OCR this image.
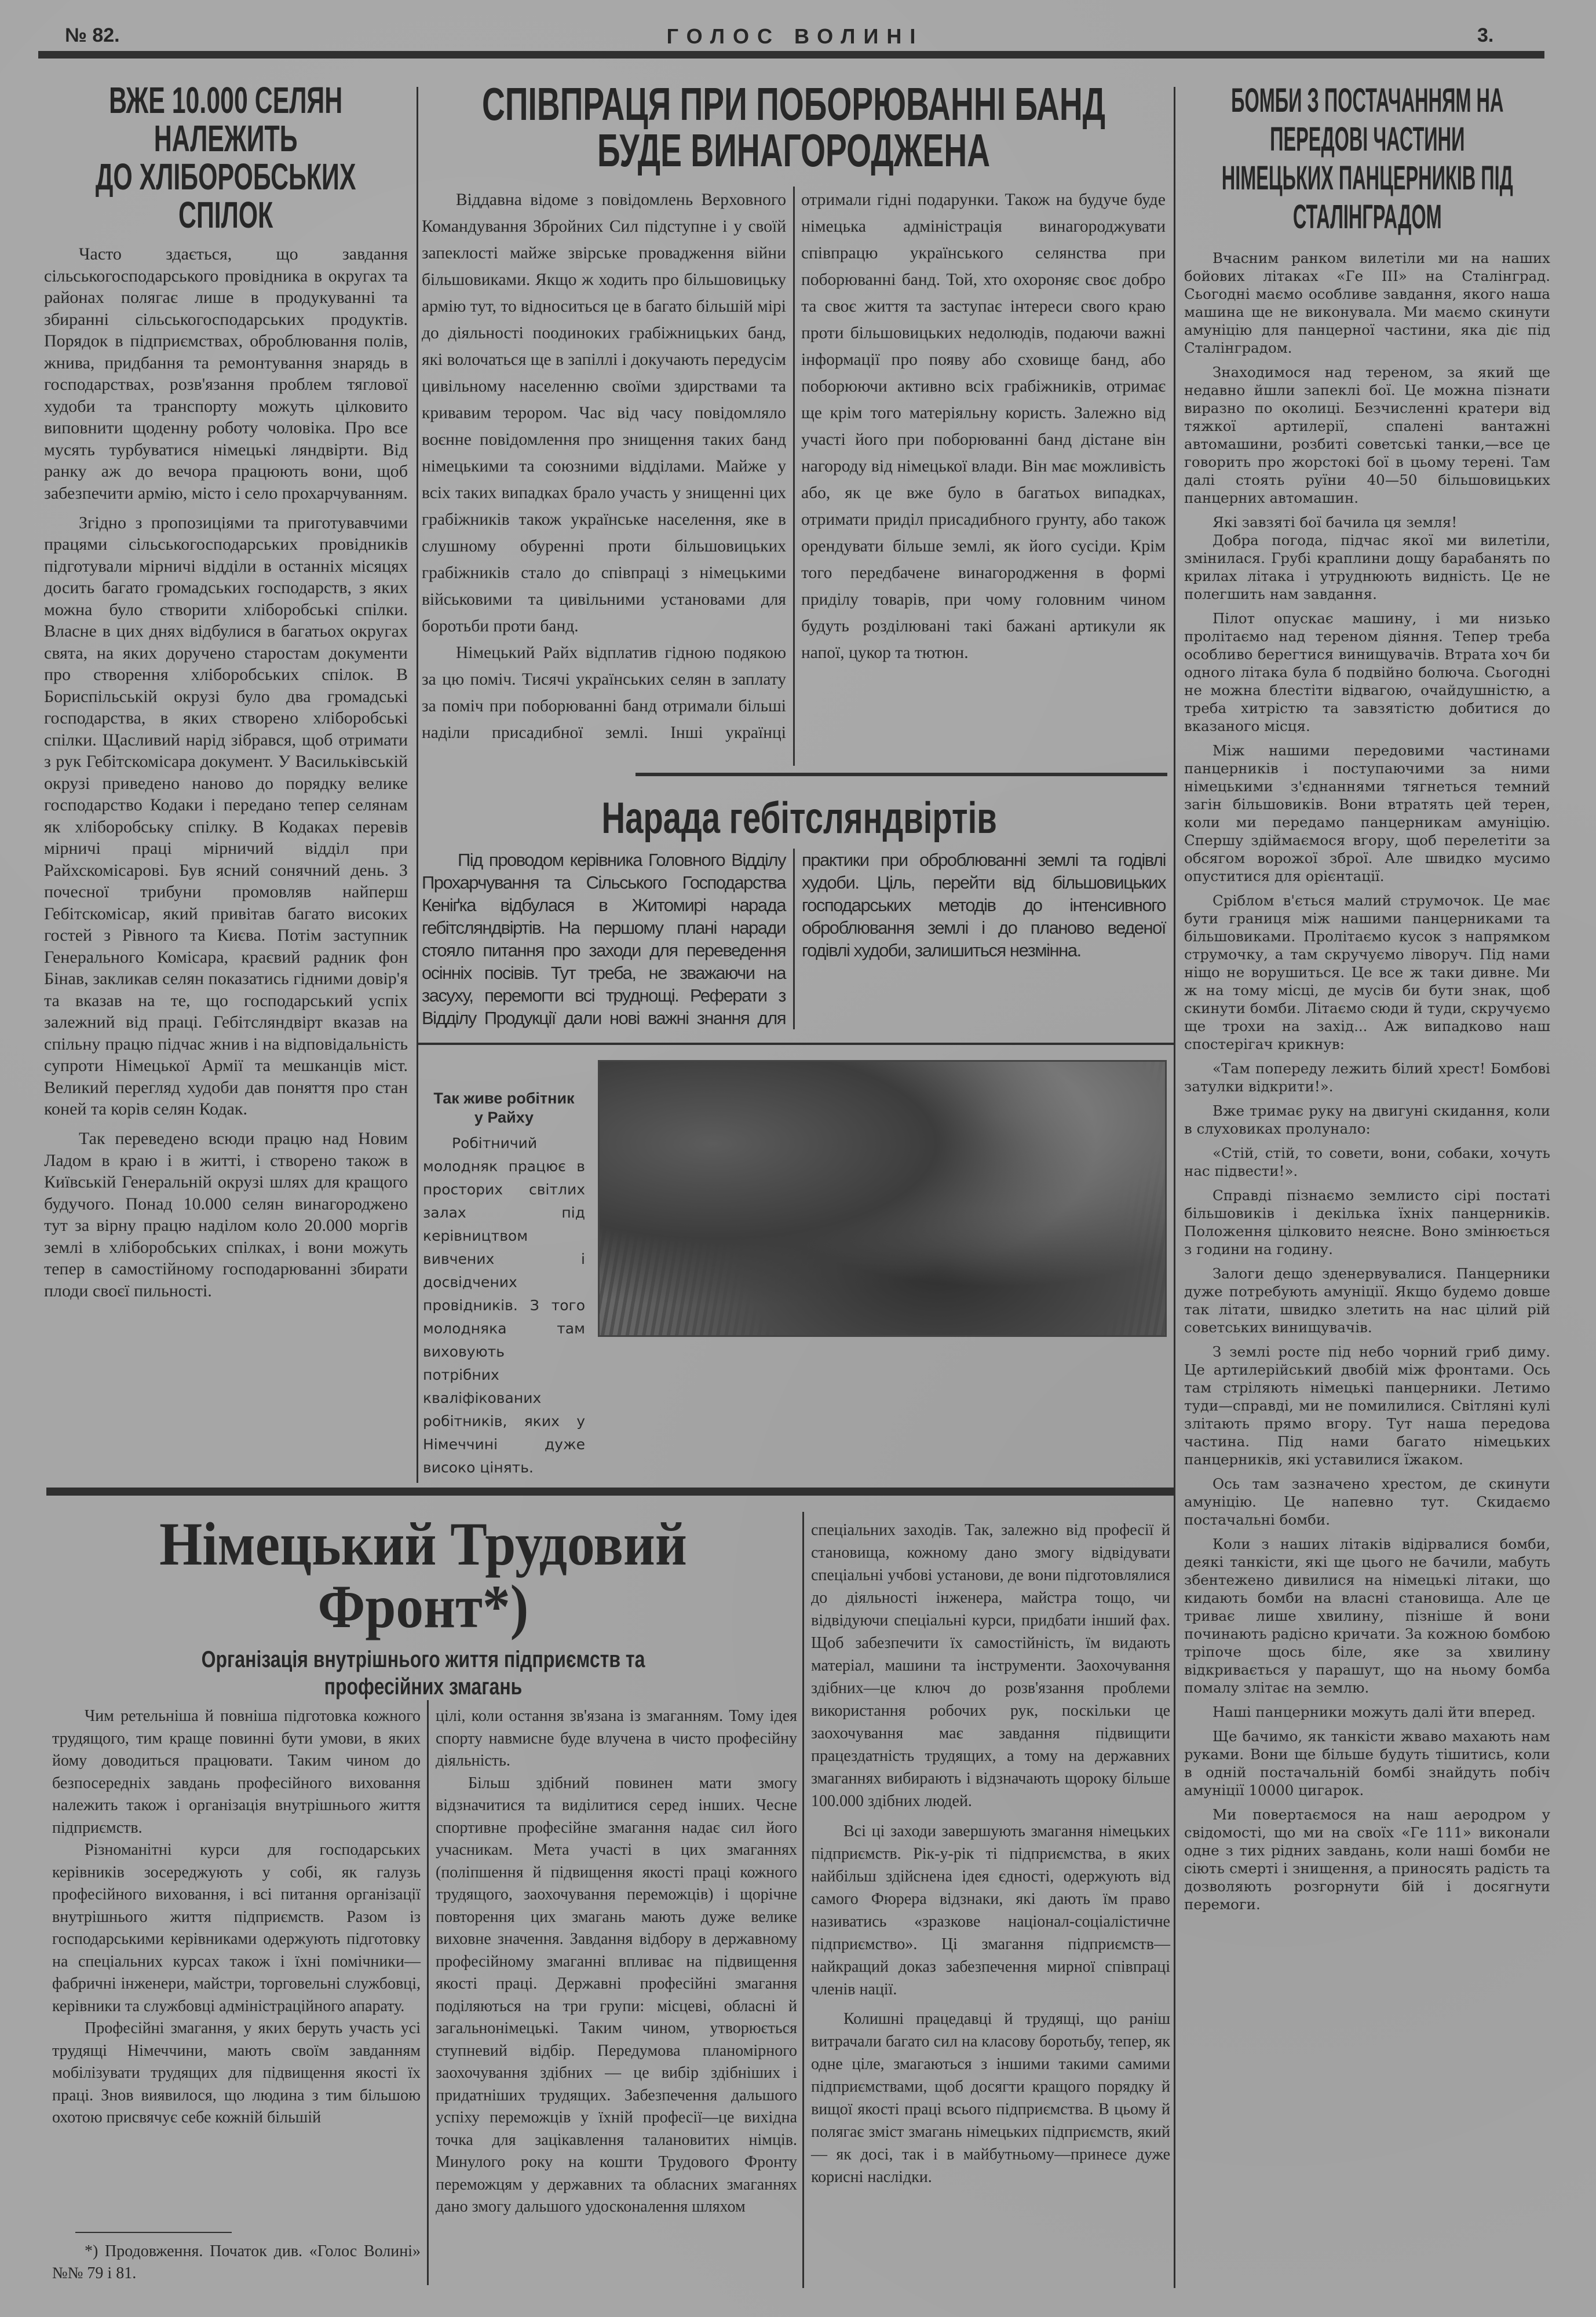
№ 82.	ГОЛОС ВОЛИНІ	3.
ВЖЕ 10.000 СЕЛЯН
НАЛЕЖИТЬ
ДО ХЛІБОРОБСЬКИХ
СПІЛОК

Часто здається, що завдання сільськогосподарського провідника в округах та районах полягає лише в продукуванні та збиранні сільськогосподарських продуктів. Порядок в підприємствах, оброблювання полів, жнива, придбання та ремонтування знарядь в господарствах, розв'язання проблем тяглової худоби та транспорту можуть цілковито виповнити щоденну роботу чоловіка. Про все мусять турбуватися німецькі ляндвірти. Від ранку аж до вечора працюють вони, щоб забезпечити армію, місто і село прохарчуванням.

Згідно з пропозиціями та приготувавчими працями сільськогосподарських провідників підготували мірничі відділи в останніх місяцях досить багато громадських господарств, з яких можна було створити хліборобські спілки. Власне в цих днях відбулися в багатьох округах свята, на яких доручено старостам документи про створення хліборобських спілок. В Бориспільській окрузі було два громадські господарства, в яких створено хліборобські спілки. Щасливий нарід зібрався, щоб отримати з рук Гебітскомісара документ. У Васильківській окрузі приведено наново до порядку велике господарство Кодаки і передано тепер селянам як хліборобську спілку. В Кодаках перевів мірничі праці мірничий відділ при Райхскомісарові. Був ясний сонячний день. З почесної трибуни промовляв найперш Гебітскомісар, який привітав багато високих гостей з Рівного та Києва. Потім заступник Генерального Комісара, краєвий радник фон Бінав, закликав селян показатись гідними довір'я та вказав на те, що господарський успіх залежний від праці. Гебітсляндвірт вказав на спільну працю підчас жнив і на відповідальність супроти Німецької Армії та мешканців міст. Великий перегляд худоби дав поняття про стан коней та корів селян Кодак.

Так переведено всюди працю над Новим Ладом в краю і в житті, і створено також в Київській Генеральній окрузі шлях для кращого будучого. Понад 10.000 селян винагороджено тут за вірну працю наділом коло 20.000 моргів землі в хліборобських спілках, і вони можуть тепер в самостійному господарюванні збирати плоди своєї пильності.

СПІВПРАЦЯ ПРИ ПОБОРЮВАННІ БАНД
БУДЕ ВИНАГОРОДЖЕНА

Віддавна відоме з повідомлень Верховного Командування Збройних Сил підступне і у своїй запеклості майже звірське провадження війни більшовиками. Якщо ж ходить про більшовицьку армію тут, то відноситься це в багато більшій мірі до діяльності поодиноких грабіжницьких банд, які волочаться ще в запіллі і докучають передусім цивільному населенню своїми здирствами та кривавим терором. Час від часу повідомляло воєнне повідомлення про знищення таких банд німецькими та союзними відділами. Майже у всіх таких випадках брало участь у знищенні цих грабіжників також українське населення, яке в слушному обуренні проти більшовицьких грабіжників стало до співпраці з німецькими військовими та цивільними установами для боротьби проти банд.

Німецький Райх відплатив гідною подякою за цю поміч. Тисячі українських селян в заплату за поміч при поборюванні банд отримали більші наділи присадибної землі. Інші українці отримали гідні подарунки. Також на будуче буде німецька адміністрація винагороджувати співпрацю українського селянства при поборюванні банд. Той, хто охороняє своє добро та своє життя та заступає інтереси свого краю проти більшовицьких недолюдів, подаючи важні інформації про появу або сховище банд, або поборюючи активно всіх грабіжників, отримає ще крім того матеріяльну користь. Залежно від участі його при поборюванні банд дістане він нагороду від німецької влади. Він має можливість або, як це вже було в багатьох випадках, отримати приділ присадибного грунту, або також орендувати більше землі, як його сусіди. Крім того передбачене винагородження в формі приділу товарів, при чому головним чином будуть розділювані такі бажані артикули як напої, цукор та тютюн.

Нарада гебітсляндвіртів

Під проводом керівника Головного Відділу Прохарчування та Сільського Господарства Кеніґка відбулася в Житомирі нарада гебітсляндвіртів. На першому плані наради стояло питання про заходи для переведення осінніх посівів. Тут треба, не зважаючи на засуху, перемогти всі труднощі. Реферати з Відділу Продукції дали нові важні знання для практики при оброблюванні землі та годівлі худоби. Ціль, перейти від більшовицьких господарських методів до інтенсивного оброблювання землі і до планово веденої годівлі худоби, залишиться незмінна.

Так живе робітник
у Райху

Робітничий молодняк працює в просторих світлих залах під керівництвом вивчених і досвідчених провідників. З того молодняка там виховують потрібних кваліфікованих робітників, яких у Німеччині дуже високо цінять.

БОМБИ З ПОСТАЧАННЯМ НА
ПЕРЕДОВІ ЧАСТИНИ
НІМЕЦЬКИХ ПАНЦЕРНИКІВ ПІД
СТАЛІНГРАДОМ

Вчасним ранком вилетіли ми на наших бойових літаках «Ге III» на Сталінград. Сьогодні маємо особливе завдання, якого наша машина ще не виконувала. Ми маємо скинути амуніцію для панцерної частини, яка діє під Сталінградом.

Знаходимося над тереном, за який ще недавно йшли запеклі бої. Це можна пізнати виразно по околиці. Безчисленні кратери від тяжкої артилерії, спалені вантажні автомашини, розбиті советські танки,—все це говорить про жорстокі бої в цьому терені. Там далі стоять руїни 40—50 більшовицьких панцерних автомашин.

Які завзяті бої бачила ця земля!

Добра погода, підчас якої ми вилетіли, змінилася. Грубі краплини дощу барабанять по крилах літака і утруднюють видність. Це не полегшить нам завдання.

Пілот опускає машину, і ми низько пролітаємо над тереном діяння. Тепер треба особливо берегтися винищувачів. Втрата хоч би одного літака була б подвійно болюча. Сьогодні не можна блестіти відвагою, очайдушністю, а треба хитрістю та завзятістю добитися до вказаного місця.

Між нашими передовими частинами панцерників і поступаючими за ними німецькими з'єднаннями тягнеться темний загін більшовиків. Вони втратять цей терен, коли ми передамо панцерникам амуніцію. Спершу здіймаємося вгору, щоб перелетіти за обсягом ворожої зброї. Але швидко мусимо опуститися для орієнтації.

Сріблом в'ється малий струмочок. Це має бути границя між нашими панцерниками та більшовиками. Пролітаємо кусок з напрямком струмочку, а там скручуємо ліворуч. Під нами ніщо не ворушиться. Це все ж таки дивне. Ми ж на тому місці, де мусів би бути знак, щоб скинути бомби. Літаємо сюди й туди, скручуємо ще трохи на захід... Аж випадково наш спостерігач крикнув:

«Там попереду лежить білий хрест! Бомбові затулки відкрити!».

Вже тримає руку на двигуні скидання, коли в слуховиках пролунало:

«Стій, стій, то совети, вони, собаки, хочуть нас підвести!».

Справді пізнаємо землисто сірі постаті більшовиків і декілька їхніх панцерників. Положення цілковито неясне. Воно змінюється з години на годину.

Залоги дещо зденервувалися. Панцерники дуже потребують амуніції. Якщо будемо довше так літати, швидко злетить на нас цілий рій советських винищувачів.

З землі росте під небо чорний гриб диму. Це артилерійський двобій між фронтами. Ось там стріляють німецькі панцерники. Летимо туди—справді, ми не помилилися. Світляні кулі злітають прямо вгору. Тут наша передова частина. Під нами багато німецьких панцерників, які уставилися їжаком.

Ось там зазначено хрестом, де скинути амуніцію. Це напевно тут. Скидаємо постачальні бомби.

Коли з наших літаків відірвалися бомби, деякі танкісти, які ще цього не бачили, мабуть збентежено дивилися на німецькі літаки, що кидають бомби на власні становища. Але це триває лише хвилину, пізніше й вони починають радісно кричати. За кожною бомбою тріпоче щось біле, яке за хвилину відкривається у парашут, що на ньому бомба помалу злітає на землю.

Наші панцерники можуть далі йти вперед.

Ще бачимо, як танкісти жваво махають нам руками. Вони ще більше будуть тішитись, коли в одній постачальній бомбі знайдуть побіч амуніції 10000 цигарок.

Ми повертаємося на наш аеродром у свідомості, що ми на своїх «Ге 111» виконали одне з тих рідних завдань, коли наші бомби не сіють смерті і знищення, а приносять радість та дозволяють розгорнути бій і досягнути перемоги.

Німецький Трудовий
Фронт*)
Організація внутрішнього життя підприємств та
професійних змагань

Чим ретельніша й повніша підготовка кожного трудящого, тим краще повинні бути умови, в яких йому доводиться працювати. Таким чином до безпосередніх завдань професійного виховання належить також і організація внутрішнього життя підприємств.

Різноманітні курси для господарських керівників зосереджують у собі, як галузь професійного виховання, і всі питання організації внутрішнього життя підприємств. Разом із господарськими керівниками одержують підготовку на спеціальних курсах також і їхні помічники—фабричні інженери, майстри, торговельні службовці, керівники та службовці адміністраційного апарату.

Професійні змагання, у яких беруть участь усі трудящі Німеччини, мають своїм завданням мобілізувати трудящих для підвищення якості їх праці. Знов виявилося, що людина з тим більшою охотою присвячує себе кожній більшій

*) Продовження. Початок див. «Голос Волині» №№ 79 і 81.

цілі, коли остання зв'язана із змаганням. Тому ідея спорту навмисне буде влучена в чисто професійну діяльність.

Більш здібний повинен мати змогу відзначитися та виділитися серед інших. Чесне спортивне професійне змагання надає сил його учасникам. Мета участі в цих змаганнях (поліпшення й підвищення якості праці кожного трудящого, заохочування переможців) і щорічне повторення цих змагань мають дуже велике виховне значення. Завдання відбору в державному професійному змаганні впливає на підвищення якості праці. Державні професійні змагання поділяються на три групи: місцеві, обласні й загальнонімецькі. Таким чином, утворюється ступневий відбір. Передумова планомірного заохочування здібних — це вибір здібніших і придатніших трудящих. Забезпечення дальшого успіху переможців у їхній професії—це вихідна точка для зацікавлення талановитих німців. Минулого року на кошти Трудового Фронту переможцям у державних та обласних змаганнях дано змогу дальшого удосконалення шляхом

спеціальних заходів. Так, залежно від професії й становища, кожному дано змогу відвідувати спеціальні учбові установи, де вони підготовлялися до діяльності інженера, майстра тощо, чи відвідуючи спеціальні курси, придбати інший фах. Щоб забезпечити їх самостійність, їм видають матеріал, машини та інструменти. Заохочування здібних—це ключ до розв'язання проблеми використання робочих рук, поскільки це заохочування має завдання підвищити працездатність трудящих, а тому на державних змаганнях вибирають і відзначають щороку більше 100.000 здібних людей.

Всі ці заходи завершують змагання німецьких підприємств. Рік-у-рік ті підприємства, в яких найбільш здійснена ідея єдності, одержують від самого Фюрера відзнаки, які дають їм право називатись «зразкове націонал-соціалістичне підприємство». Ці змагання підприємств—найкращий доказ забезпечення мирної співпраці членів нації.

Колишні працедавці й трудящі, що раніш витрачали багато сил на класову боротьбу, тепер, як одне ціле, змагаються з іншими такими самими підприємствами, щоб досягти кращого порядку й вищої якості праці всього підприємства. В цьому й полягає зміст змагань німецьких підприємств, який — як досі, так і в майбутньому—принесе дуже корисні наслідки.
